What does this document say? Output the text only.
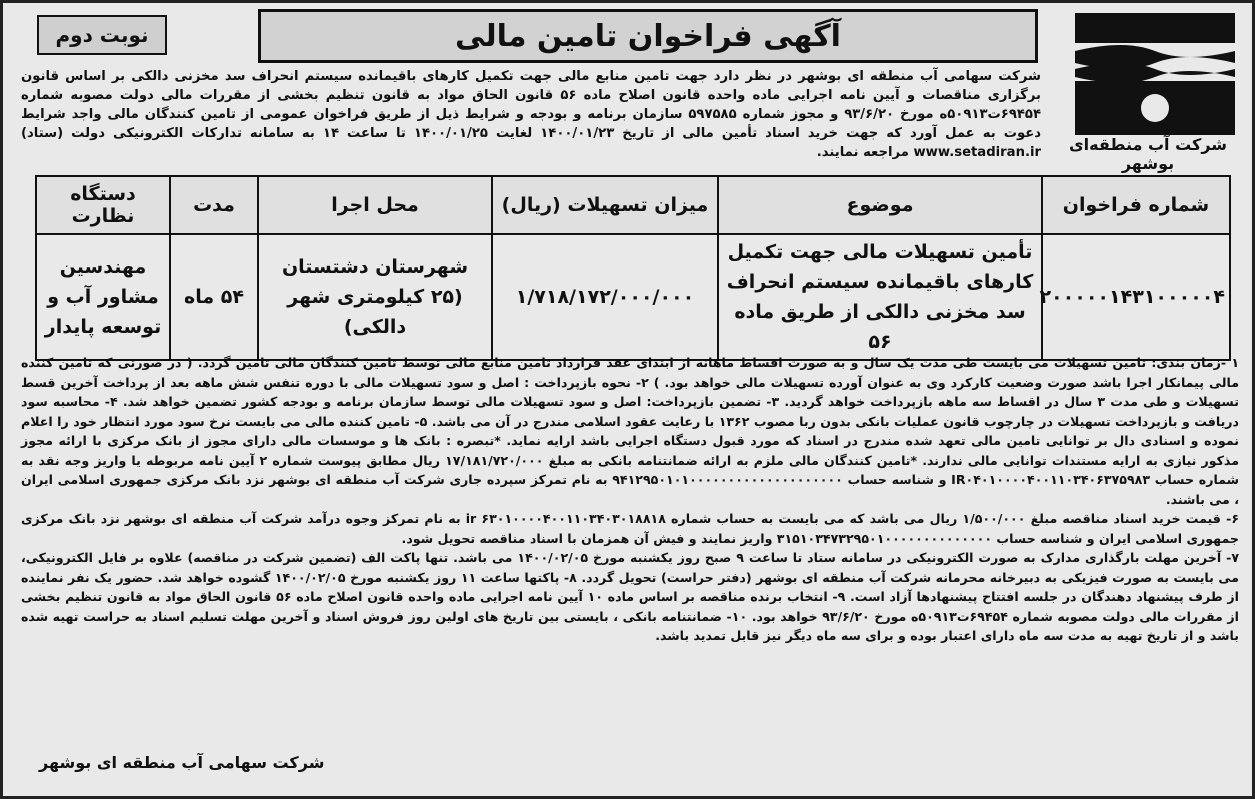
شرکت آب منطقه‌ای بوشهر
آگهی فراخوان تامین مالی
نوبت دوم
شرکت سهامی آب منطقه ای بوشهر در نظر دارد جهت تامین منابع مالی جهت تکمیل کارهای باقیمانده سیستم انحراف سد مخزنی دالکی بر اساس قانون برگزاری مناقصات و آیین نامه اجرایی ماده واحده قانون اصلاح ماده ۵۶ قانون الحاق مواد به قانون تنظیم بخشی از مقررات مالی دولت مصوبه شماره ۶۹۴۵۴ت۵۰۹۱۳ه مورخ ۹۳/۶/۲۰ و مجوز شماره ۵۹۷۵۸۵ سازمان برنامه و بودجه و شرایط ذیل از طریق فراخوان عمومی از تامین کنندگان مالی واجد شرایط دعوت به عمل آورد که جهت خرید اسناد تأمین مالی از تاریخ ۱۴۰۰/۰۱/۲۳ لغایت ۱۴۰۰/۰۱/۲۵ تا ساعت ۱۴ به سامانه تدارکات الکترونیکی دولت (ستاد) www.setadiran.ir مراجعه نمایند.
شماره فراخوان	موضوع	میزان تسهیلات (ریال)	محل اجرا	مدت	دستگاه نظارت
۲۰۰۰۰۰۱۴۳۱۰۰۰۰۰۴	تأمین تسهیلات مالی جهت تکمیل کارهای باقیمانده سیستم انحراف سد مخزنی دالکی از طریق ماده ۵۶	۱/۷۱۸/۱۷۲/۰۰۰/۰۰۰	شهرستان دشتستان (۲۵ کیلومتری شهر دالکی)	۵۴ ماه	مهندسین مشاور آب و توسعه پایدار

۱ -زمان بندی: تامین تسهیلات می بایست طی مدت یک سال و به صورت اقساط ماهانه از ابتدای عقد قرارداد تامین منابع مالی توسط تامین کنندگان مالی تامین گردد. ( در صورتی که تامین کننده مالی پیمانکار اجرا باشد صورت وضعیت کارکرد وی به عنوان آورده تسهیلات مالی خواهد بود. ) ۲- نحوه بازپرداخت : اصل و سود تسهیلات مالی با دوره تنفس شش ماهه بعد از پرداخت آخرین قسط تسهیلات و طی مدت ۳ سال در اقساط سه ماهه بازپرداخت خواهد گردید. ۳- تضمین بازپرداخت: اصل و سود تسهیلات مالی توسط سازمان برنامه و بودجه کشور تضمین خواهد شد. ۴- محاسبه سود دریافت و بازپرداخت تسهیلات در چارچوب قانون عملیات بانکی بدون ربا مصوب ۱۳۶۲ با رعایت عقود اسلامی مندرج در آن می باشد. ۵- تامین کننده مالی می بایست نرخ سود مورد انتظار خود را اعلام نموده و اسنادی دال بر توانایی تامین مالی تعهد شده مندرج در اسناد که مورد قبول دستگاه اجرایی باشد ارایه نماید. *تبصره : بانک ها و موسسات مالی دارای مجوز از بانک مرکزی با ارائه مجوز مذکور نیازی به ارایه مستندات توانایی مالی ندارند. *تامین کنندگان مالی ملزم به ارائه ضمانتنامه بانکی به مبلغ ۱۷/۱۸۱/۷۲۰/۰۰۰ ریال مطابق پیوست شماره ۲ آیین نامه مربوطه یا واریز وجه نقد به شماره حساب IR۰۴۰۱۰۰۰۰۴۰۰۱۱۰۳۴۰۶۳۷۵۹۸۳ و شناسه حساب ۹۴۱۲۹۵۰۱۰۱۰۰۰۰۰۰۰۰۰۰۰۰۰۰۰۰۰۰۰۰ به نام تمرکز سپرده جاری شرکت آب منطقه ای بوشهر نزد بانک مرکزی جمهوری اسلامی ایران ، می باشند.

۶- قیمت خرید اسناد مناقصه مبلغ ۱/۵۰۰/۰۰۰ ریال می باشد که می بایست به حساب شماره ir ۶۳۰۱۰۰۰۰۴۰۰۱۱۰۳۴۰۳۰۱۸۸۱۸ به نام تمرکز وجوه درآمد شرکت آب منطقه ای بوشهر نزد بانک مرکزی جمهوری اسلامی ایران و شناسه حساب ۳۱۵۱۰۳۴۷۳۲۹۵۰۱۰۰۰۰۰۰۰۰۰۰۰۰۰۰ واریز نمایند و فیش آن همزمان با اسناد مناقصه تحویل شود.

۷- آخرین مهلت بارگذاری مدارک به صورت الکترونیکی در سامانه ستاد تا ساعت ۹ صبح روز یکشنبه مورخ ۱۴۰۰/۰۲/۰۵ می باشد. تنها پاکت الف (تضمین شرکت در مناقصه) علاوه بر فایل الکترونیکی، می بایست به صورت فیزیکی به دبیرخانه محرمانه شرکت آب منطقه ای بوشهر (دفتر حراست) تحویل گردد. ۸- پاکتها ساعت ۱۱ روز یکشنبه مورخ ۱۴۰۰/۰۲/۰۵ گشوده خواهد شد. حضور یک نفر نماینده از طرف پیشنهاد دهندگان در جلسه افتتاح پیشنهادها آزاد است. ۹- انتخاب برنده مناقصه بر اساس ماده ۱۰ آیین نامه اجرایی ماده واحده قانون اصلاح ماده ۵۶ قانون الحاق مواد به قانون تنظیم بخشی از مقررات مالی دولت مصوبه شماره ۶۹۴۵۴ت۵۰۹۱۳ه مورخ ۹۳/۶/۲۰ خواهد بود. ۱۰- ضمانتنامه بانکی ، بایستی بین تاریخ های اولین روز فروش اسناد و آخرین مهلت تسلیم اسناد به حراست تهیه شده باشد و از تاریخ تهیه به مدت سه ماه دارای اعتبار بوده و برای سه ماه دیگر نیز قابل تمدید باشد.

شرکت سهامی آب منطقه ای بوشهر
